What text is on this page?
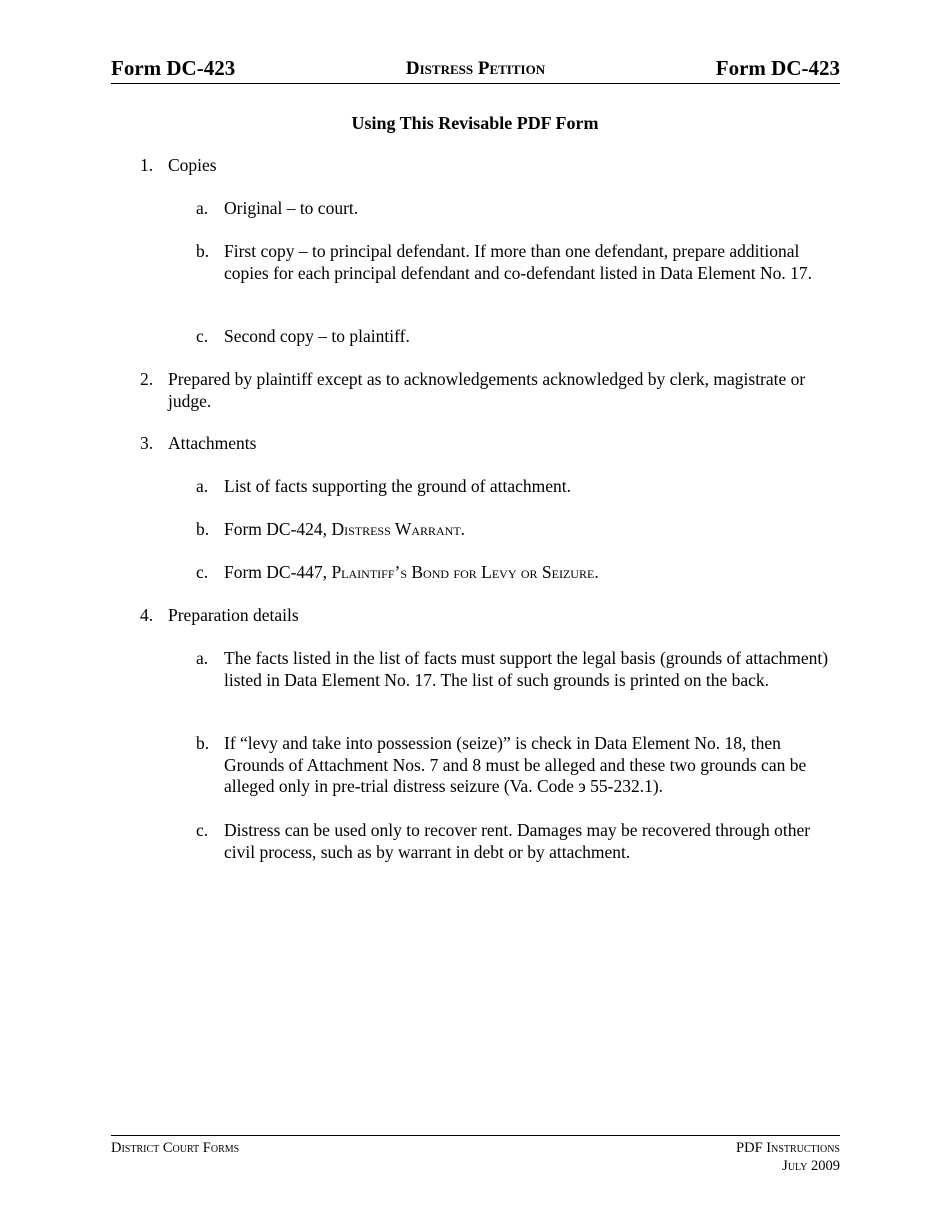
Form DC-423	Distress Petition	Form DC-423
Using This Revisable PDF Form
1. Copies
a. Original – to court.
b. First copy – to principal defendant. If more than one defendant, prepare additional copies for each principal defendant and co-defendant listed in Data Element No. 17.
c. Second copy – to plaintiff.
2. Prepared by plaintiff except as to acknowledgements acknowledged by clerk, magistrate or judge.
3. Attachments
a. List of facts supporting the ground of attachment.
b. Form DC-424, Distress Warrant.
c. Form DC-447, Plaintiff’s Bond for Levy or Seizure.
4. Preparation details
a. The facts listed in the list of facts must support the legal basis (grounds of attachment) listed in Data Element No. 17. The list of such grounds is printed on the back.
b. If “levy and take into possession (seize)” is check in Data Element No. 18, then Grounds of Attachment Nos. 7 and 8 must be alleged and these two grounds can be alleged only in pre-trial distress seizure (Va. Code э 55-232.1).
c. Distress can be used only to recover rent. Damages may be recovered through other civil process, such as by warrant in debt or by attachment.
District Court Forms	PDF Instructions
July 2009
